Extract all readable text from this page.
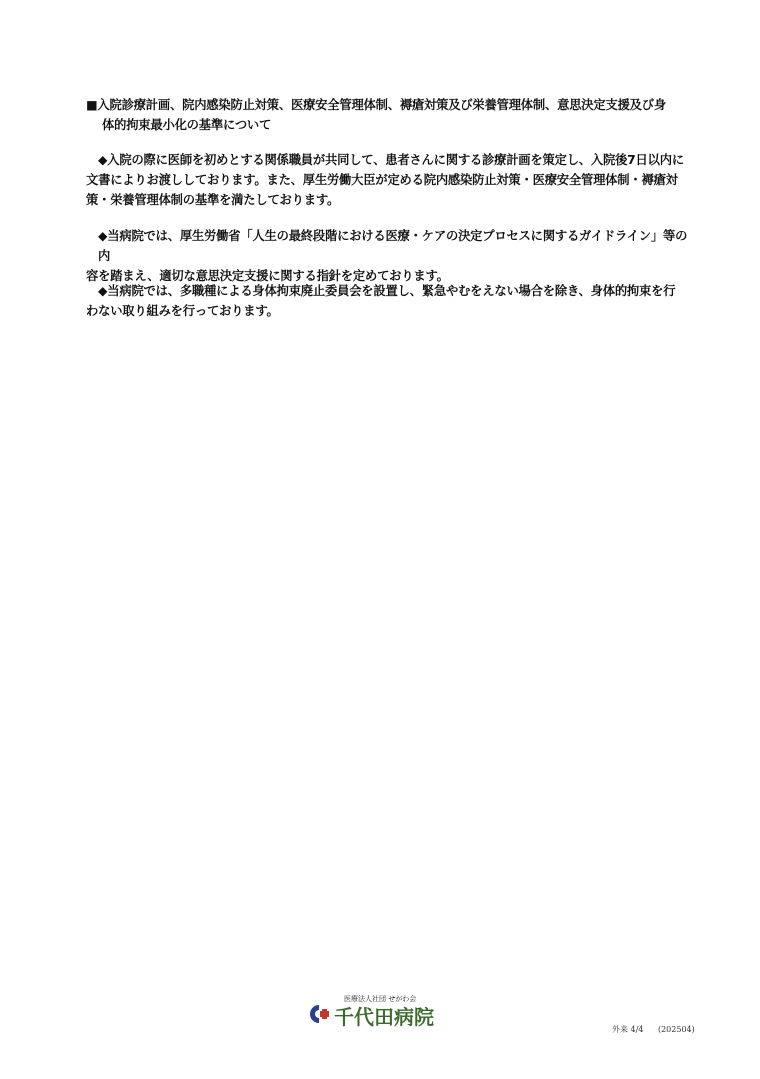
■入院診療計画、院内感染防止対策、医療安全管理体制、褥瘡対策及び栄養管理体制、意思決定支援及び身
体的拘束最小化の基準について
◆入院の際に医師を初めとする関係職員が共同して、患者さんに関する診療計画を策定し、入院後7日以内に
文書によりお渡ししております。また、厚生労働大臣が定める院内感染防止対策・医療安全管理体制・褥瘡対
策・栄養管理体制の基準を満たしております。
◆当病院では、厚生労働省「人生の最終段階における医療・ケアの決定プロセスに関するガイドライン」等の内
容を踏まえ、適切な意思決定支援に関する指針を定めております。
◆当病院では、多職種による身体拘束廃止委員会を設置し、緊急やむをえない場合を除き、身体的拘束を行
わない取り組みを行っております。
医療法人社団 せがわ会
千代田病院
外来 4/4 (202504)
